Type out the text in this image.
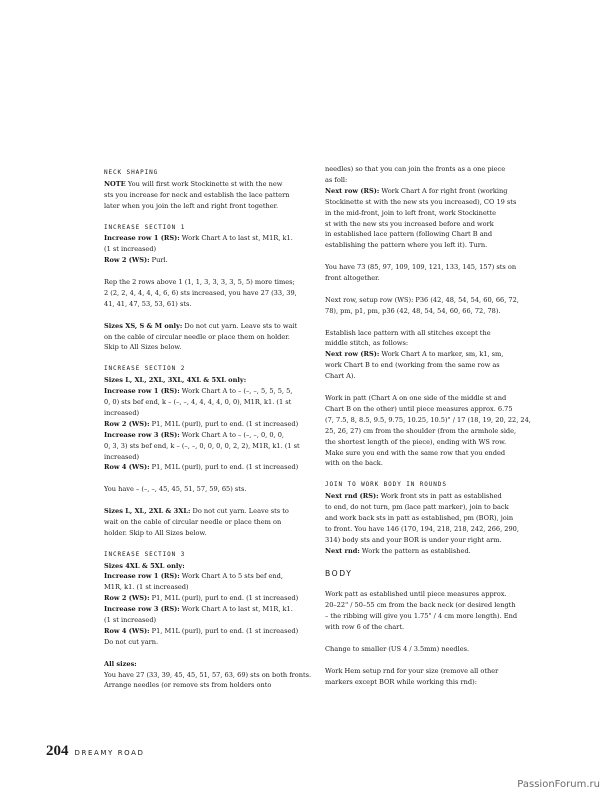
NECK SHAPING
NOTE You will first work Stockinette st with the new
sts you increase for neck and establish the lace pattern
later when you join the left and right front together.
INCREASE SECTION 1
Increase row 1 (RS): Work Chart A to last st, M1R, k1.
(1 st increased)
Row 2 (WS): Purl.
Rep the 2 rows above 1 (1, 1, 3, 3, 3, 3, 5, 5) more times;
2 (2, 2, 4, 4, 4, 4, 6, 6) sts increased, you have 27 (33, 39,
41, 41, 47, 53, 53, 61) sts.
Sizes XS, S & M only: Do not cut yarn. Leave sts to wait
on the cable of circular needle or place them on holder.
Skip to All Sizes below.
INCREASE SECTION 2
Sizes L, XL, 2XL, 3XL, 4XL & 5XL only:
Increase row 1 (RS): Work Chart A to – (–, –, 5, 5, 5, 5,
0, 0) sts bef end, k – (–, –, 4, 4, 4, 4, 0, 0), M1R, k1. (1 st
increased)
Row 2 (WS): P1, M1L (purl), purl to end. (1 st increased)
Increase row 3 (RS): Work Chart A to – (–, –, 0, 0, 0,
0, 3, 3) sts bef end, k – (–, –, 0, 0, 0, 0, 2, 2), M1R, k1. (1 st
increased)
Row 4 (WS): P1, M1L (purl), purl to end. (1 st increased)
You have – (–, –, 45, 45, 51, 57, 59, 65) sts.
Sizes L, XL, 2XL & 3XL: Do not cut yarn. Leave sts to
wait on the cable of circular needle or place them on
holder. Skip to All Sizes below.
INCREASE SECTION 3
Sizes 4XL & 5XL only:
Increase row 1 (RS): Work Chart A to 5 sts bef end,
M1R, k1. (1 st increased)
Row 2 (WS): P1, M1L (purl), purl to end. (1 st increased)
Increase row 3 (RS): Work Chart A to last st, M1R, k1.
(1 st increased)
Row 4 (WS): P1, M1L (purl), purl to end. (1 st increased)
Do not cut yarn.
All sizes:
You have 27 (33, 39, 45, 45, 51, 57, 63, 69) sts on both fronts.
Arrange needles (or remove sts from holders onto
needles) so that you can join the fronts as a one piece
as foll:
Next row (RS): Work Chart A for right front (working
Stockinette st with the new sts you increased), CO 19 sts
in the mid-front, join to left front, work Stockinette
st with the new sts you increased before and work
in established lace pattern (following Chart B and
establishing the pattern where you left it). Turn.
You have 73 (85, 97, 109, 109, 121, 133, 145, 157) sts on
front altogether.
Next row, setup row (WS): P36 (42, 48, 54, 54, 60, 66, 72,
78), pm, p1, pm, p36 (42, 48, 54, 54, 60, 66, 72, 78).
Establish lace pattern with all stitches except the
middle stitch, as follows:
Next row (RS): Work Chart A to marker, sm, k1, sm,
work Chart B to end (working from the same row as
Chart A).
Work in patt (Chart A on one side of the middle st and
Chart B on the other) until piece measures approx. 6.75
(7, 7.5, 8, 8.5, 9.5, 9.75, 10.25, 10.5)" / 17 (18, 19, 20, 22, 24,
25, 26, 27) cm from the shoulder (from the armhole side,
the shortest length of the piece), ending with WS row.
Make sure you end with the same row that you ended
with on the back.
JOIN TO WORK BODY IN ROUNDS
Next rnd (RS): Work front sts in patt as established
to end, do not turn, pm (lace patt marker), join to back
and work back sts in patt as established, pm (BOR), join
to front. You have 146 (170, 194, 218, 218, 242, 266, 290,
314) body sts and your BOR is under your right arm.
Next rnd: Work the pattern as established.
BODY
Work patt as established until piece measures approx.
20–22" / 50–55 cm from the back neck (or desired length
– the ribbing will give you 1.75" / 4 cm more length). End
with row 6 of the chart.
Change to smaller (US 4 / 3.5mm) needles.
Work Hem setup rnd for your size (remove all other
markers except BOR while working this rnd):
204 DREAMY ROAD
PassionForum.ru
